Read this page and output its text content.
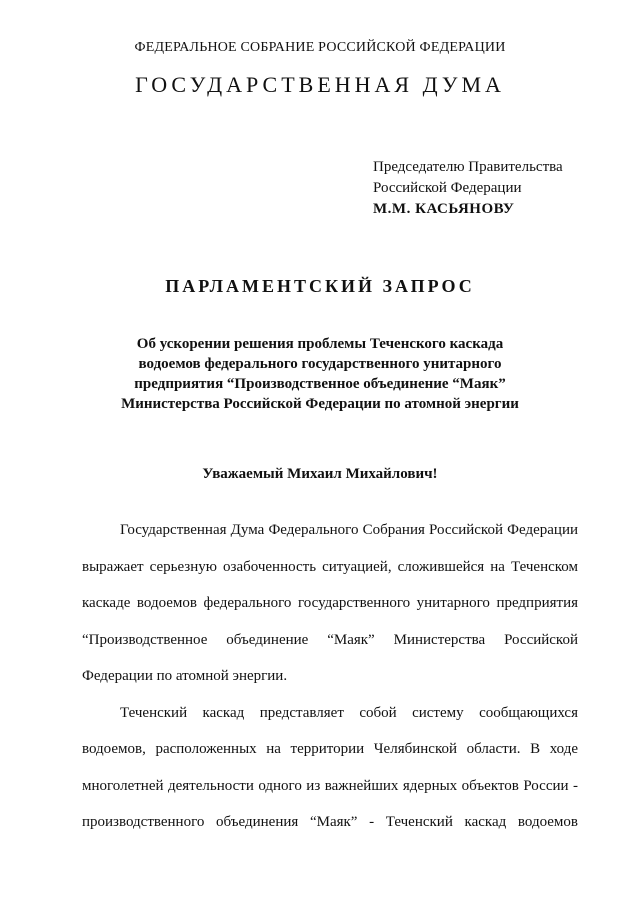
ФЕДЕРАЛЬНОЕ СОБРАНИЕ РОССИЙСКОЙ ФЕДЕРАЦИИ
ГОСУДАРСТВЕННАЯ ДУМА
Председателю Правительства
Российской Федерации
М.М. КАСЬЯНОВУ
ПАРЛАМЕНТСКИЙ ЗАПРОС
Об ускорении решения проблемы Теченского каскада
водоемов федерального государственного унитарного
предприятия “Производственное объединение “Маяк”
Министерства Российской Федерации по атомной энергии
Уважаемый Михаил Михайлович!
Государственная Дума Федерального Собрания Российской Федерации
выражает серьезную озабоченность ситуацией, сложившейся на Теченском
каскаде водоемов федерального государственного унитарного предприятия
“Производственное объединение “Маяк” Министерства Российской
Федерации по атомной энергии.
Теченский каскад представляет собой систему сообщающихся
водоемов, расположенных на территории Челябинской области. В ходе
многолетней деятельности одного из важнейших ядерных объектов России -
производственного объединения “Маяк” - Теченский каскад водоемов
